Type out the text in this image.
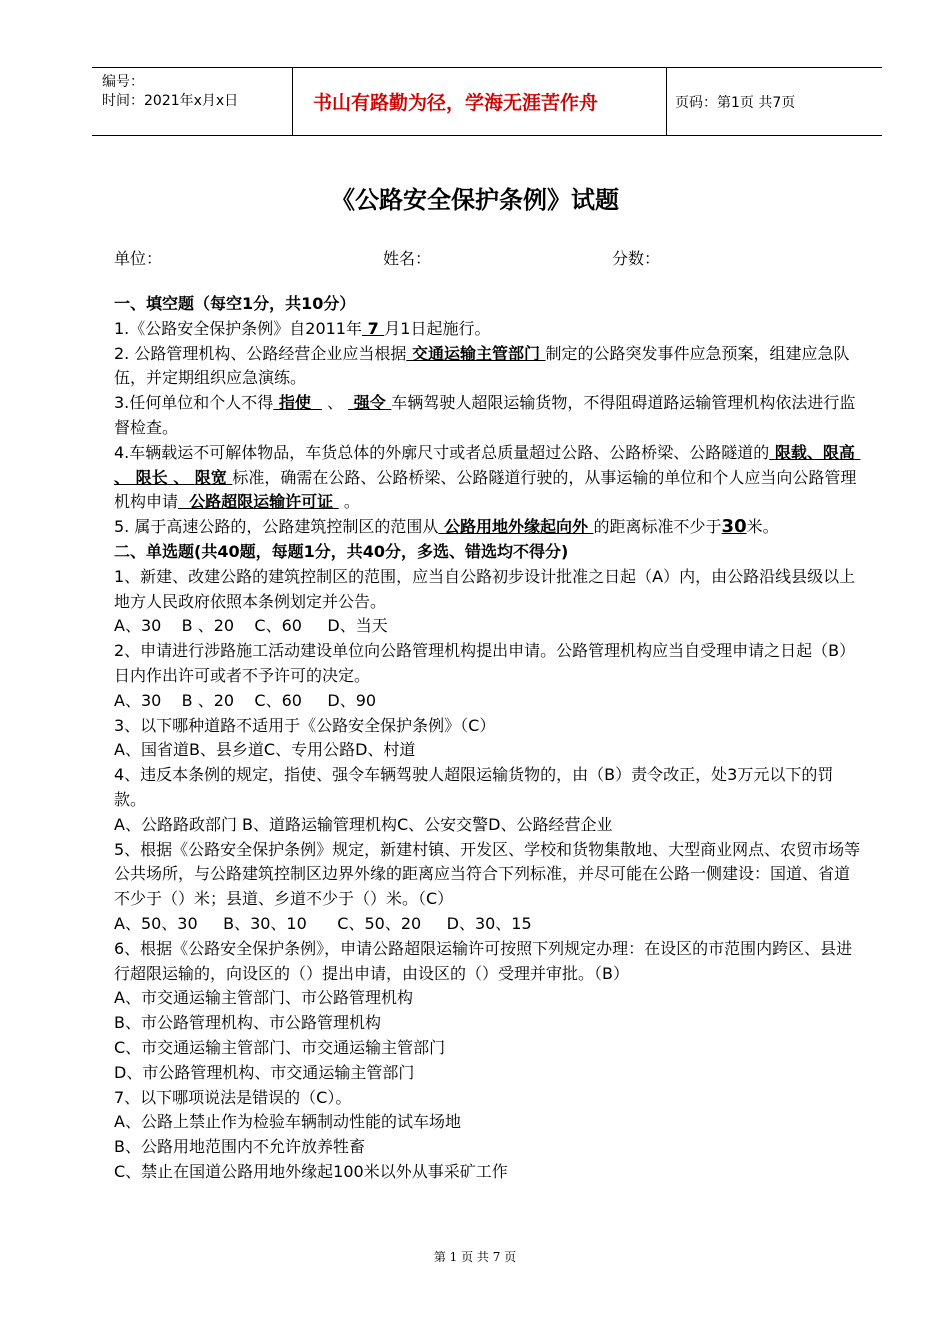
编号：
时间：2021年x月x日	书山有路勤为径，学海无涯苦作舟	页码：第1页 共7页
《公路安全保护条例》试题
单位：	姓名：	分数：

一、填空题（每空1分，共10分）

1.《公路安全保护条例》自2011年 7 月1日起施行。

2. 公路管理机构、公路经营企业应当根据 交通运输主管部门 制定的公路突发事件应急预案，组建应急队伍，并定期组织应急演练。

3.任何单位和个人不得 指使 、 强令 车辆驾驶人超限运输货物，不得阻碍道路运输管理机构依法进行监督检查。

4.车辆载运不可解体物品，车货总体的外廓尺寸或者总质量超过公路、公路桥梁、公路隧道的 限载、限高 、 限长 、 限宽 标准，确需在公路、公路桥梁、公路隧道行驶的，从事运输的单位和个人应当向公路管理机构申请 公路超限运输许可证 。

5. 属于高速公路的，公路建筑控制区的范围从 公路用地外缘起向外 的距离标准不少于30米。

二、单选题(共40题，每题1分，共40分，多选、错选均不得分)

1、新建、改建公路的建筑控制区的范围，应当自公路初步设计批准之日起（A）内，由公路沿线县级以上地方人民政府依照本条例划定并公告。

A、30    B 、20    C、60     D、当天

2、申请进行涉路施工活动建设单位向公路管理机构提出申请。公路管理机构应当自受理申请之日起（B）日内作出许可或者不予许可的决定。

A、30    B 、20    C、60     D、90

3、以下哪种道路不适用于《公路安全保护条例》（C）

A、国省道B、县乡道C、专用公路D、村道

4、违反本条例的规定，指使、强令车辆驾驶人超限运输货物的，由（B）责令改正，处3万元以下的罚款。

A、公路路政部门 B、道路运输管理机构C、公安交警D、公路经营企业

5、根据《公路安全保护条例》规定，新建村镇、开发区、学校和货物集散地、大型商业网点、农贸市场等公共场所，与公路建筑控制区边界外缘的距离应当符合下列标准，并尽可能在公路一侧建设：国道、省道不少于（）米；县道、乡道不少于（）米。（C）

A、50、30     B、30、10      C、50、20     D、30、15

6、根据《公路安全保护条例》，申请公路超限运输许可按照下列规定办理：在设区的市范围内跨区、县进行超限运输的，向设区的（）提出申请，由设区的（）受理并审批。（B）

A、市交通运输主管部门、市公路管理机构

B、市公路管理机构、市公路管理机构

C、市交通运输主管部门、市交通运输主管部门

D、市公路管理机构、市交通运输主管部门

7、以下哪项说法是错误的（C）。

A、公路上禁止作为检验车辆制动性能的试车场地

B、公路用地范围内不允许放养牲畜

C、禁止在国道公路用地外缘起100米以外从事采矿工作

第 1 页 共 7 页
